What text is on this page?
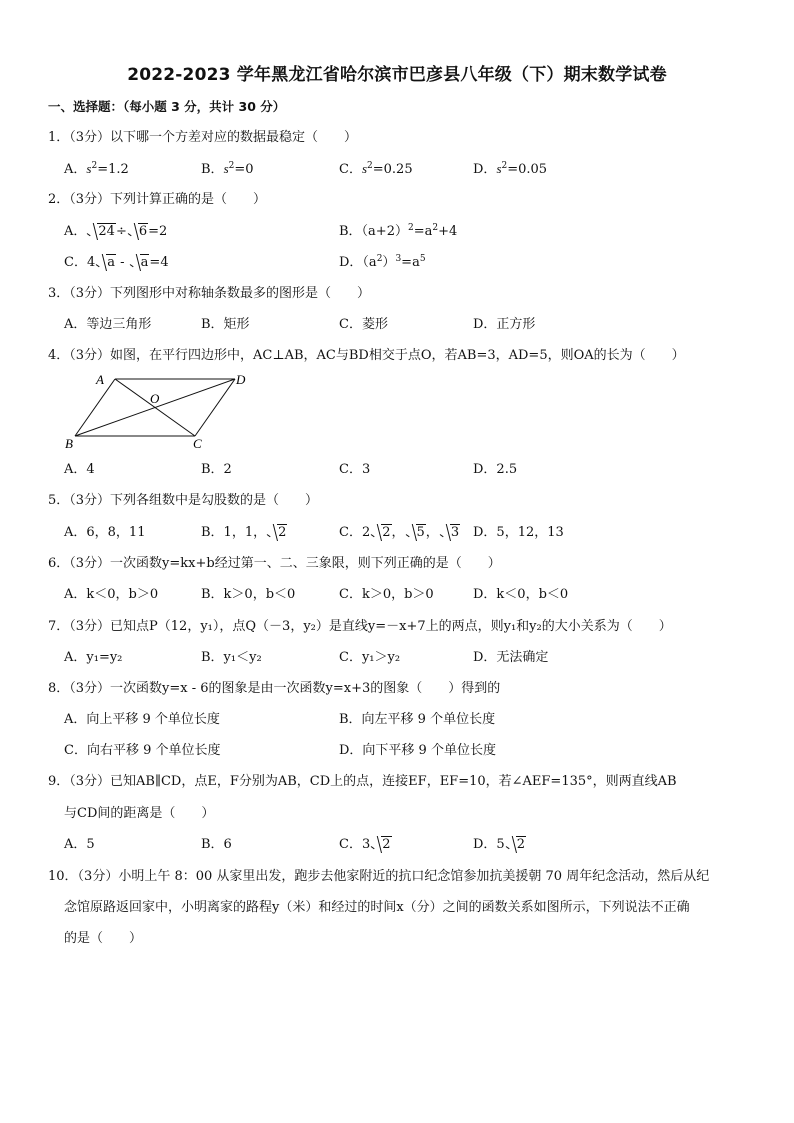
2022-2023 学年黑龙江省哈尔滨市巴彦县八年级（下）期末数学试卷
一、选择题：（每小题 3 分，共计 30 分）
1．（3分）以下哪一个方差对应的数据最稳定（　　）
A．$s^2=1.2$	B．$s^2=0$	C．$s^2=0.25$	D．$s^2=0.05$
2．（3分）下列计算正确的是（　　）
A． 24÷ 6=2	B．$(a+2)^2=a^2+4$
C．4 a - a=4	D．$(a^2)^3=a^5$
3．（3分）下列图形中对称轴条数最多的图形是（　　）
A．等边三角形	B．矩形	C．菱形	D．正方形
4．（3分）如图，在平行四边形中，AC⊥AB，AC与BD相交于点O，若AB=3，AD=5，则OA的长为（　　）
A	D
O
B	C
A．4	B．2	C．3	D．2.5
5．（3分）下列各组数中是勾股数的是（　　）
A．6，8，11	B．1，1， 2	C．2 2， 5， 3 D．5，12，13
6．（3分）一次函数y=kx+b经过第一、二、三象限，则下列正确的是（　　）
A．k＜0，b＞0	B．k＞0，b＜0	C．k＞0，b＞0	D．k＜0，b＜0
7．（3分）已知点P（12，y₁），点Q（－3，y₂）是直线y=－x+7上的两点，则y₁和y₂的大小关系为（　　）
A．y₁=y₂	B．y₁＜y₂	C．y₁＞y₂	D．无法确定
8．（3分）一次函数y=x - 6的图象是由一次函数y=x+3的图象（　　）得到的
A．向上平移 9 个单位长度	B．向左平移 9 个单位长度
C．向右平移 9 个单位长度	D．向下平移 9 个单位长度
9．（3分）已知AB∥CD，点E，F分别为AB，CD上的点，连接EF，EF=10，若∠AEF=135°，则两直线AB
与CD间的距离是（　　）
A．5	B．6	C．3 2	D．5 2
10．（3分）小明上午 8：00 从家里出发，跑步去他家附近的抗口纪念馆参加抗美援朝 70 周年纪念活动，然后从纪
念馆原路返回家中，小明离家的路程y（米）和经过的时间x（分）之间的函数关系如图所示，下列说法不正确
的是（　　）
